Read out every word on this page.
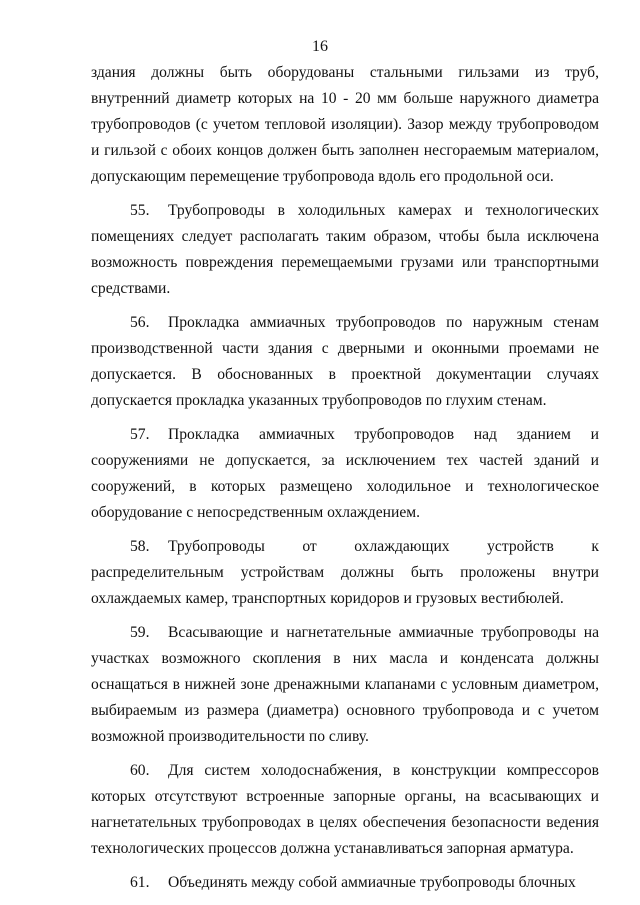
16

здания должны быть оборудованы стальными гильзами из труб, внутренний диаметр которых на 10 - 20 мм больше наружного диаметра трубопроводов (с учетом тепловой изоляции). Зазор между трубопроводом и гильзой с обоих концов должен быть заполнен несгораемым материалом, допускающим перемещение трубопровода вдоль его продольной оси.

55. Трубопроводы в холодильных камерах и технологических помещениях следует располагать таким образом, чтобы была исключена возможность повреждения перемещаемыми грузами или транспортными средствами.

56. Прокладка аммиачных трубопроводов по наружным стенам производственной части здания с дверными и оконными проемами не допускается. В обоснованных в проектной документации случаях допускается прокладка указанных трубопроводов по глухим стенам.

57. Прокладка аммиачных трубопроводов над зданием и сооружениями не допускается, за исключением тех частей зданий и сооружений, в которых размещено холодильное и технологическое оборудование с непосредственным охлаждением.

58. Трубопроводы от охлаждающих устройств к распределительным устройствам должны быть проложены внутри охлаждаемых камер, транспортных коридоров и грузовых вестибюлей.

59. Всасывающие и нагнетательные аммиачные трубопроводы на участках возможного скопления в них масла и конденсата должны оснащаться в нижней зоне дренажными клапанами с условным диаметром, выбираемым из размера (диаметра) основного трубопровода и с учетом возможной производительности по сливу.

60. Для систем холодоснабжения, в конструкции компрессоров которых отсутствуют встроенные запорные органы, на всасывающих и нагнетательных трубопроводах в целях обеспечения безопасности ведения технологических процессов должна устанавливаться запорная арматура.

61. Объединять между собой аммиачные трубопроводы блочных
